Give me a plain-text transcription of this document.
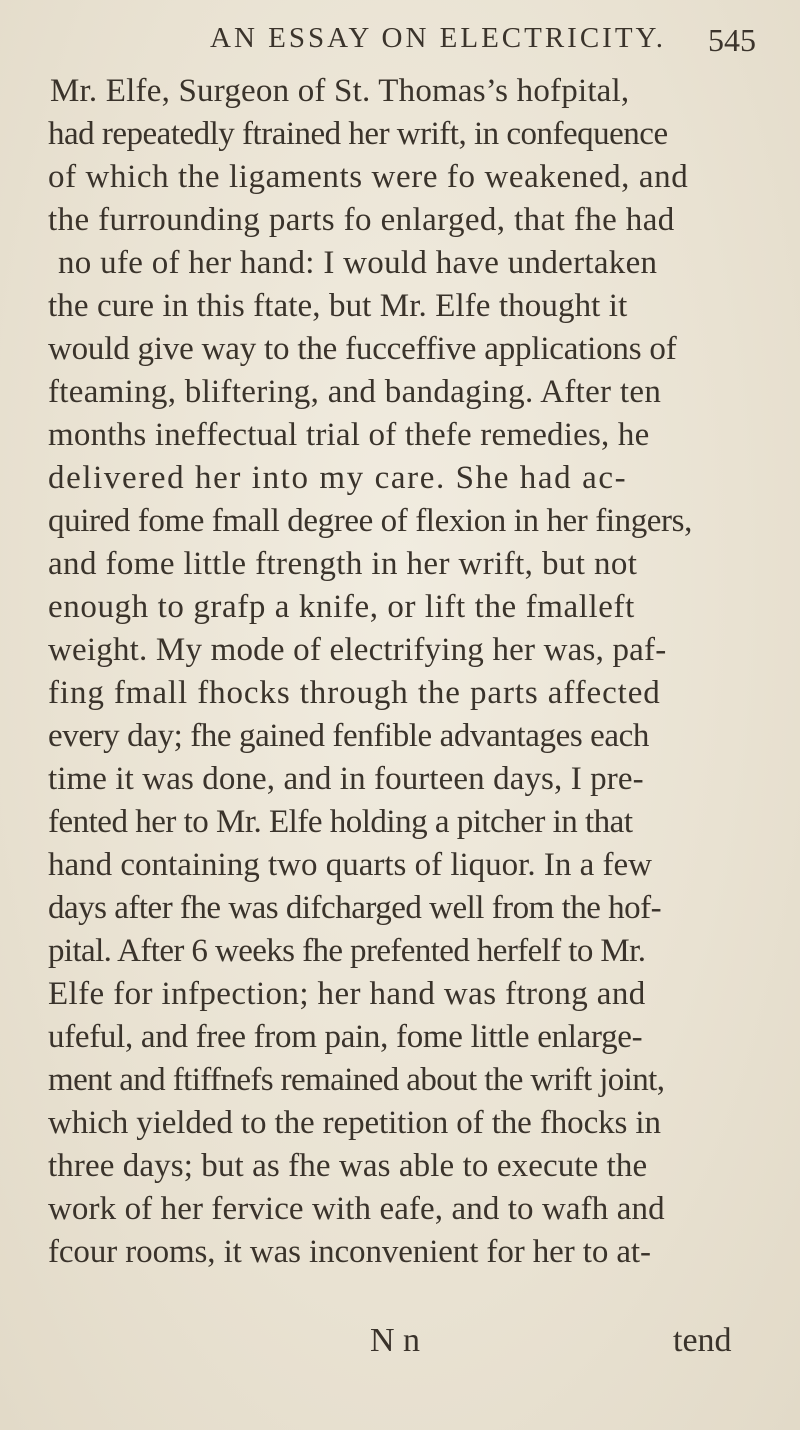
AN ESSAY ON ELECTRICITY. 545
Mr. Elfe, Surgeon of St. Thomas’s hofpital,
had repeatedly ftrained her wrift, in confequence
of which the ligaments were fo weakened, and
the furrounding parts fo enlarged, that fhe had
no ufe of her hand: I would have undertaken
the cure in this ftate, but Mr. Elfe thought it
would give way to the fucceffive applications of
fteaming, bliftering, and bandaging. After ten
months ineffectual trial of thefe remedies, he
delivered her into my care. She had ac-
quired fome fmall degree of flexion in her fingers,
and fome little ftrength in her wrift, but not
enough to grafp a knife, or lift the fmalleft
weight. My mode of electrifying her was, paf-
fing fmall fhocks through the parts affected
every day; fhe gained fenfible advantages each
time it was done, and in fourteen days, I pre-
fented her to Mr. Elfe holding a pitcher in that
hand containing two quarts of liquor. In a few
days after fhe was difcharged well from the hof-
pital. After 6 weeks fhe prefented herfelf to Mr.
Elfe for infpection; her hand was ftrong and
ufeful, and free from pain, fome little enlarge-
ment and ftiffnefs remained about the wrift joint,
which yielded to the repetition of the fhocks in
three days; but as fhe was able to execute the
work of her fervice with eafe, and to wafh and
fcour rooms, it was inconvenient for her to at-
N n	tend
